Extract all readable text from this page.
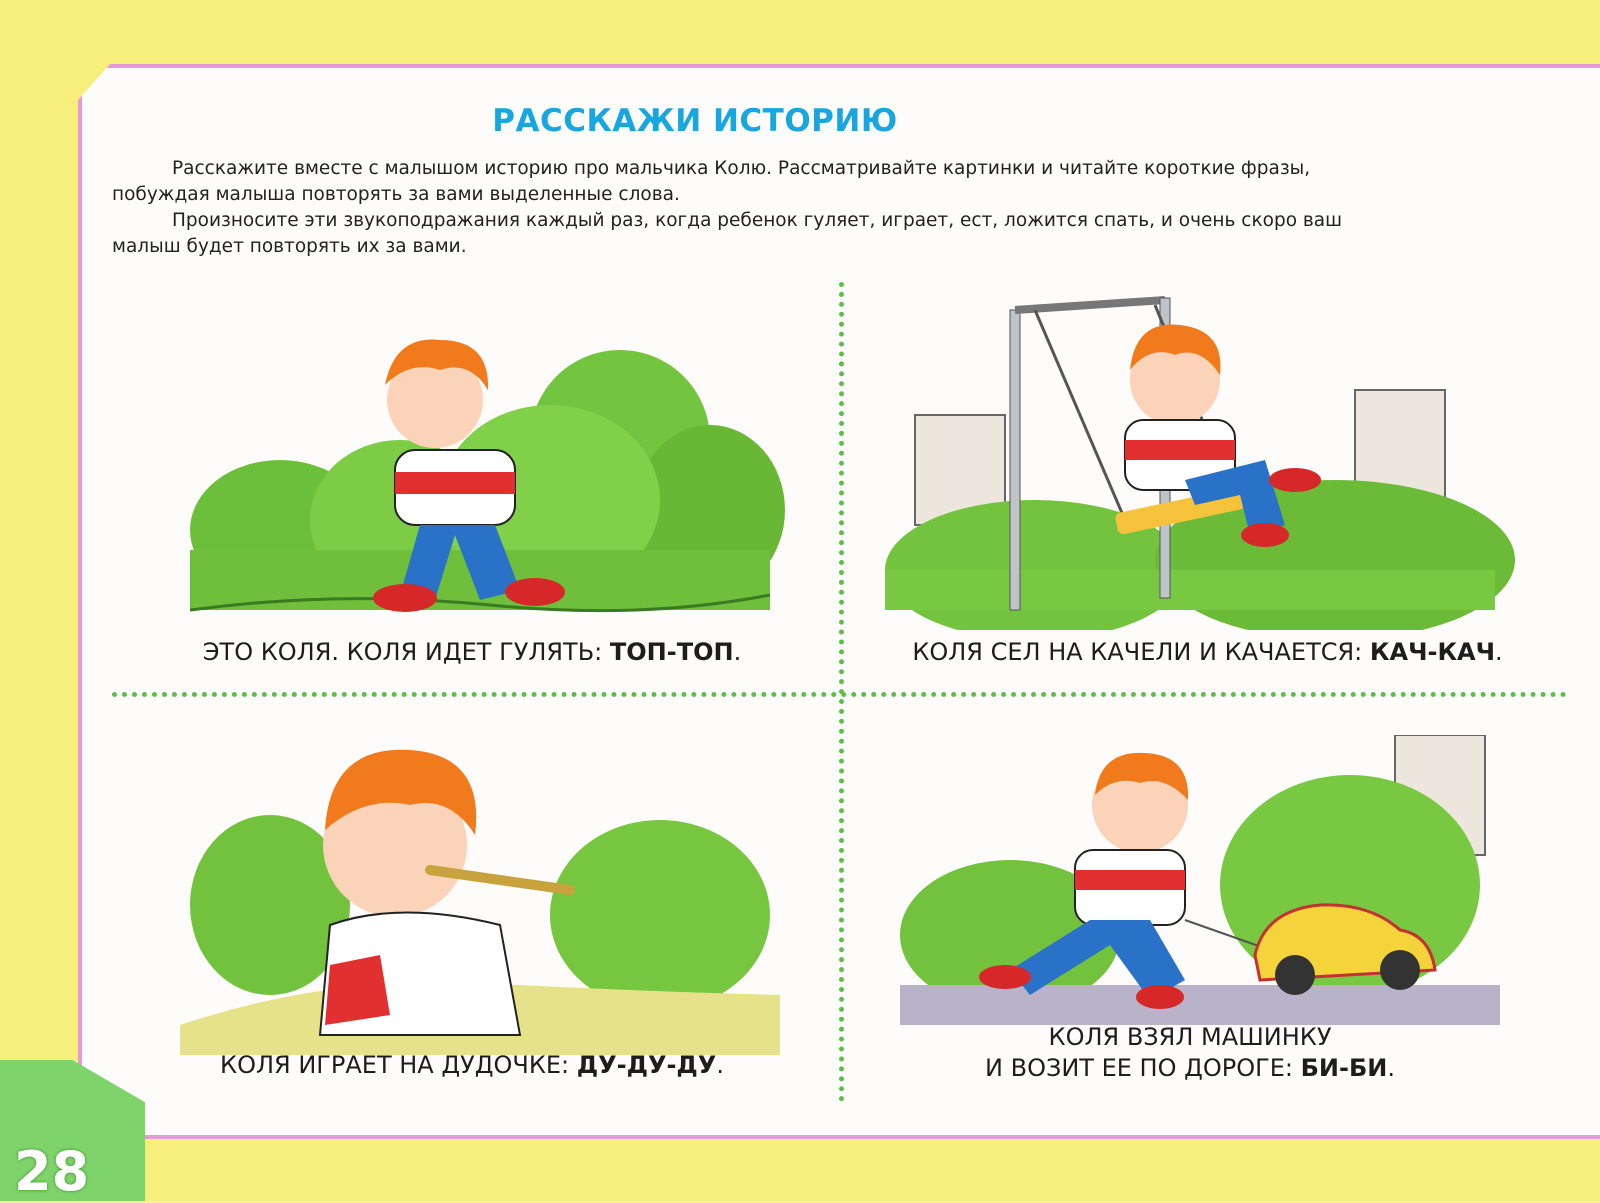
28
РАССКАЖИ ИСТОРИЮ

Расскажите вместе с малышом историю про мальчика Колю. Рассматривайте картинки и читайте короткие фразы, побуждая малыша повторять за вами выделенные слова.

Произносите эти звукоподражания каждый раз, когда ребенок гуляет, играет, ест, ложится спать, и очень скоро ваш малыш будет повторять их за вами.

ЭТО КОЛЯ. КОЛЯ ИДЕТ ГУЛЯТЬ: ТОП-ТОП.	КОЛЯ СЕЛ НА КАЧЕЛИ И КАЧАЕТСЯ: КАЧ-КАЧ.
КОЛЯ ИГРАЕТ НА ДУДОЧКЕ: ДУ-ДУ-ДУ.
КОЛЯ ВЗЯЛ МАШИНКУ
И ВОЗИТ ЕЕ ПО ДОРОГЕ: БИ-БИ.
